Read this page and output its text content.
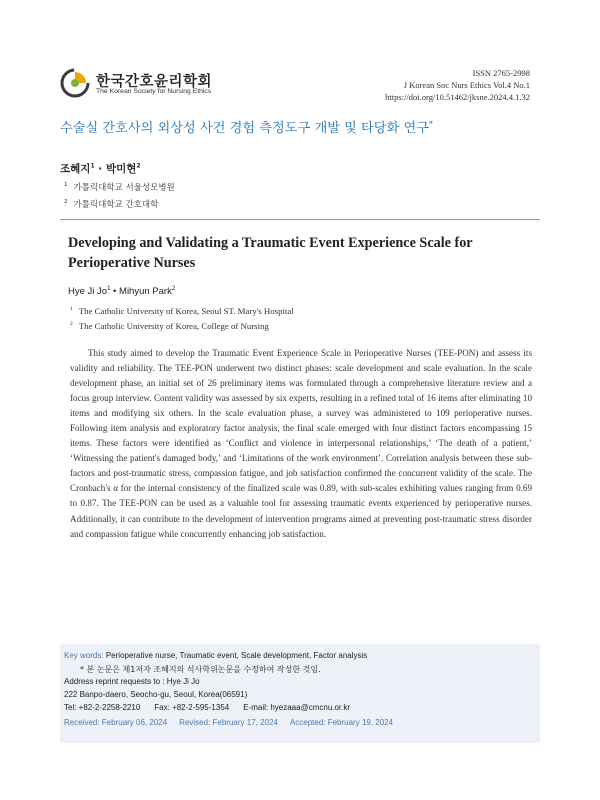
한국간호윤리학회
The Korean Society for Nursing Ethics
ISSN 2765-2998
J Korean Soc Nurs Ethics Vol.4 No.1
https://doi.org/10.51462/jksne.2024.4.1.32
수술실 간호사의 외상성 사건 경험 측정도구 개발 및 타당화 연구*
조혜지$^1$ · 박미현$^2$
$^1$ 가톨릭대학교 서울성모병원
$^2$ 가톨릭대학교 간호대학
Developing and Validating a Traumatic Event Experience Scale for Perioperative Nurses
Hye Ji Jo$^1$ • Mihyun Park$^2$
$^1$ The Catholic University of Korea, Seoul ST. Mary's Hospital
$^2$ The Catholic University of Korea, College of Nursing

This study aimed to develop the Traumatic Event Experience Scale in Perioperative Nurses (TEE-PON) and assess its validity and reliability. The TEE-PON underwent two distinct phases: scale development and scale evaluation. In the scale development phase, an initial set of 26 preliminary items was formulated through a comprehensive literature review and a focus group interview. Content validity was assessed by six experts, resulting in a refined total of 16 items after eliminating 10 items and modifying six others. In the scale evaluation phase, a survey was administered to 109 perioperative nurses. Following item analysis and exploratory factor analysis, the final scale emerged with four distinct factors encompassing 15 items. These factors were identified as ‘Conflict and violence in interpersonal relationships,’ ‘The death of a patient,’ ‘Witnessing the patient's damaged body,’ and ‘Limitations of the work environment’. Correlation analysis between these sub-factors and post-traumatic stress, compassion fatigue, and job satisfaction confirmed the concurrent validity of the scale. The Cronbach's α for the internal consistency of the finalized scale was 0.89, with sub-scales exhibiting values ranging from 0.69 to 0.87. The TEE-PON can be used as a valuable tool for assessing traumatic events experienced by perioperative nurses. Additionally, it can contribute to the development of intervention programs aimed at preventing post-traumatic stress disorder and compassion fatigue while concurrently enhancing job satisfaction.

Key words: Perioperative nurse, Traumatic event, Scale development, Factor analysis
* 본 논문은 제1저자 조혜지의 석사학위논문을 수정하여 작성한 것임.
Address reprint requests to : Hye Ji Jo
222 Banpo-daero, Seocho-gu, Seoul, Korea(06591)
Tel: +82-2-2258-2210 Fax: +82-2-595-1354 E-mail: hyezaaa@cmcnu.or.kr
Received: February 06, 2024 Revised: February 17, 2024 Accepted: February 19, 2024
